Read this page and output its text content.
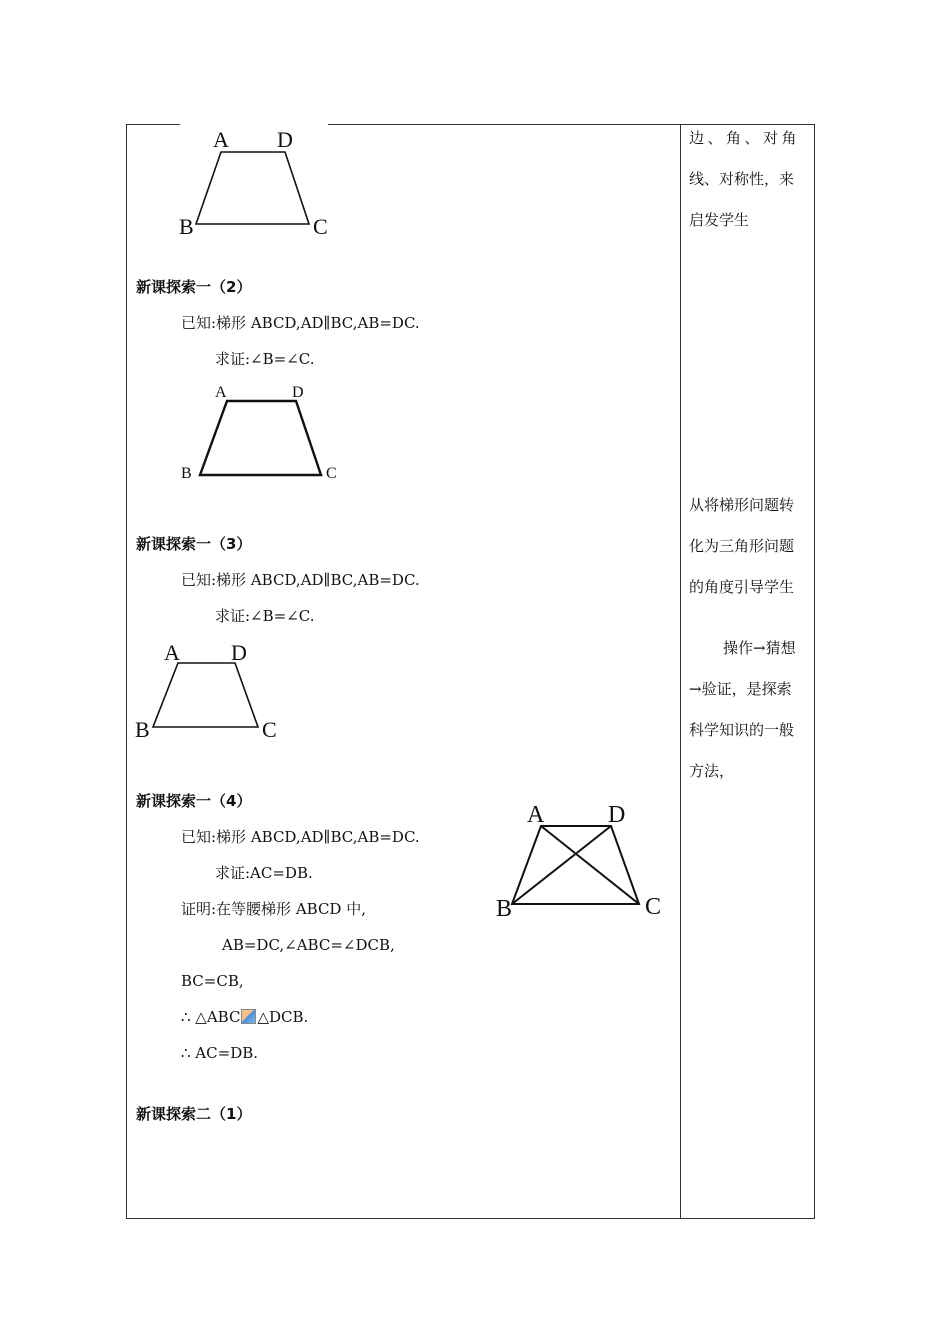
A D
B	C
新课探索一（2）
已知:梯形 ABCD,AD∥BC,AB=DC.
求证:∠B=∠C.
A	D
B	C
新课探索一（3）
已知:梯形 ABCD,AD∥BC,AB=DC.
求证:∠B=∠C.
A D
B	C
新课探索一（4）
已知:梯形 ABCD,AD∥BC,AB=DC.
求证:AC=DB.
证明:在等腰梯形 ABCD 中,
AB=DC,∠ABC=∠DCB,
BC=CB,
∴ △ABC △DCB.
∴ AC=DB.
A	D
B	C
新课探索二（1）
边、角、对角
线、对称性，来
启发学生
从将梯形问题转
化为三角形问题
的角度引导学生
操作→猜想
→验证，是探索
科学知识的一般
方法，
